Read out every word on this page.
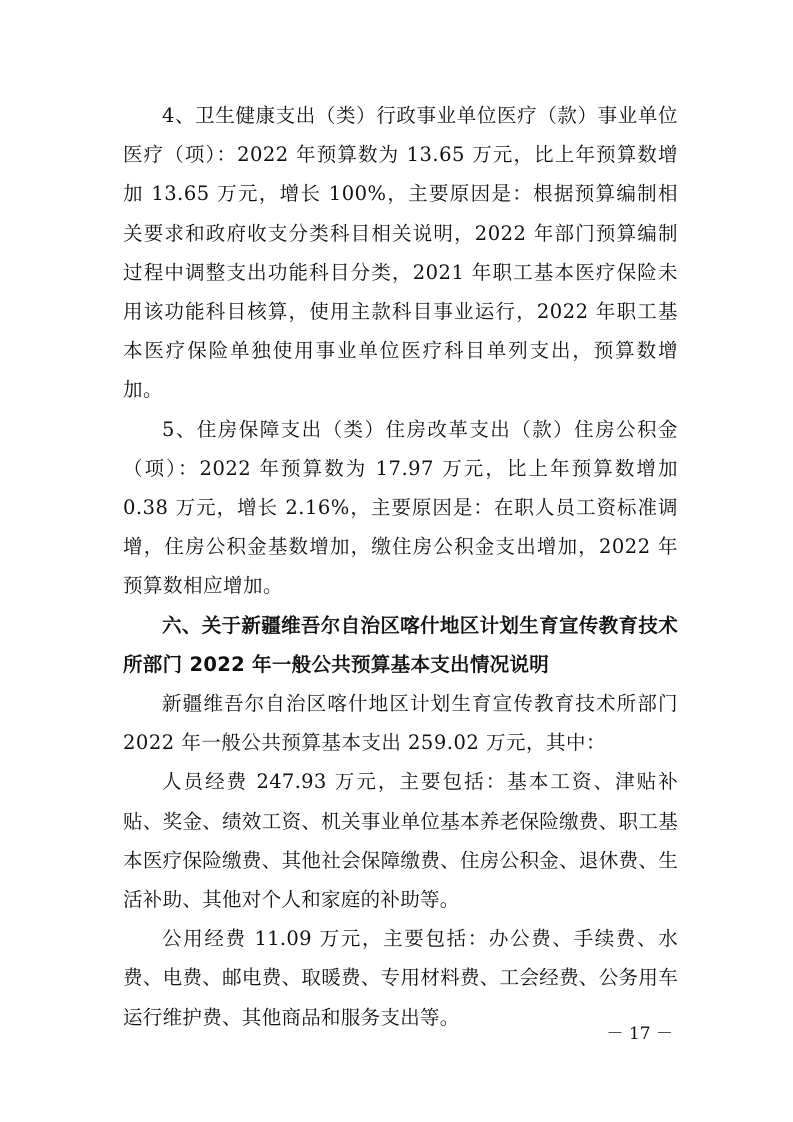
4、卫生健康支出（类）行政事业单位医疗（款）事业单位医疗（项）：2022 年预算数为 13.65 万元，比上年预算数增加 13.65 万元，增长 100%，主要原因是：根据预算编制相关要求和政府收支分类科目相关说明，2022 年部门预算编制过程中调整支出功能科目分类，2021 年职工基本医疗保险未用该功能科目核算，使用主款科目事业运行，2022 年职工基本医疗保险单独使用事业单位医疗科目单列支出，预算数增加。

5、住房保障支出（类）住房改革支出（款）住房公积金（项）：2022 年预算数为 17.97 万元，比上年预算数增加 0.38 万元，增长 2.16%，主要原因是：在职人员工资标准调增，住房公积金基数增加，缴住房公积金支出增加，2022 年预算数相应增加。

六、关于新疆维吾尔自治区喀什地区计划生育宣传教育技术所部门 2022 年一般公共预算基本支出情况说明

新疆维吾尔自治区喀什地区计划生育宣传教育技术所部门 2022 年一般公共预算基本支出 259.02 万元，其中：

人员经费 247.93 万元，主要包括：基本工资、津贴补贴、奖金、绩效工资、机关事业单位基本养老保险缴费、职工基本医疗保险缴费、其他社会保障缴费、住房公积金、退休费、生活补助、其他对个人和家庭的补助等。

公用经费 11.09 万元，主要包括：办公费、手续费、水费、电费、邮电费、取暖费、专用材料费、工会经费、公务用车运行维护费、其他商品和服务支出等。

－ 17 －
